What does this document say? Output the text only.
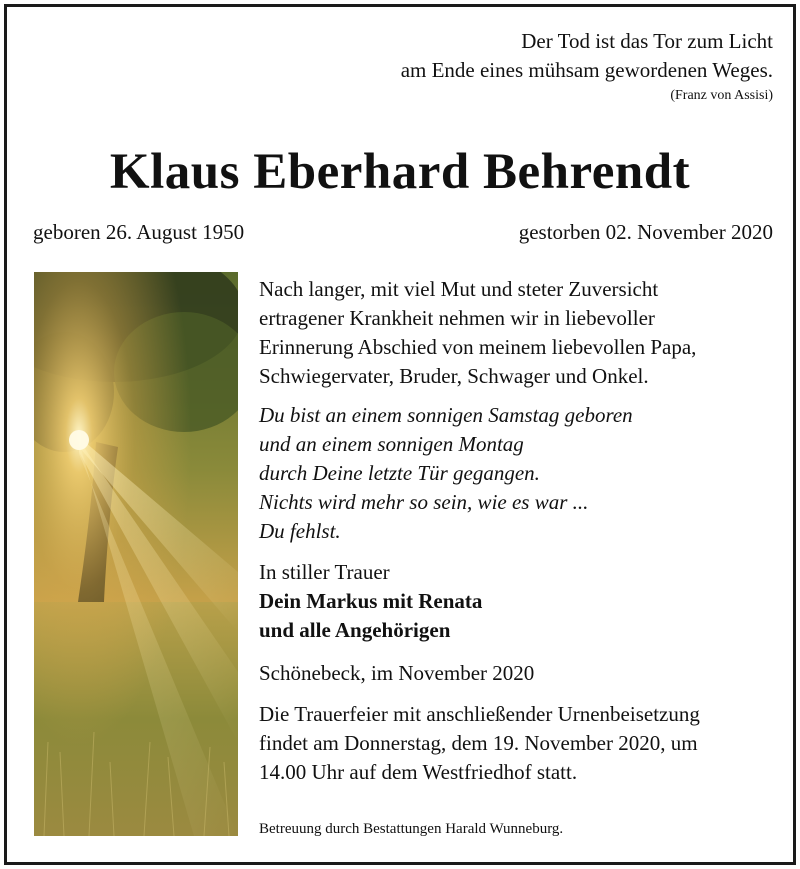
Der Tod ist das Tor zum Licht
am Ende eines mühsam gewordenen Weges.
(Franz von Assisi)
Klaus Eberhard Behrendt
geboren 26. August 1950	gestorben 02. November 2020
Nach langer, mit viel Mut und steter Zuversicht
ertragener Krankheit nehmen wir in liebevoller
Erinnerung Abschied von meinem liebevollen Papa,
Schwiegervater, Bruder, Schwager und Onkel.
Du bist an einem sonnigen Samstag geboren
und an einem sonnigen Montag
durch Deine letzte Tür gegangen.
Nichts wird mehr so sein, wie es war ...
Du fehlst.
In stiller Trauer
Dein Markus mit Renata
und alle Angehörigen
Schönebeck, im November 2020
Die Trauerfeier mit anschließender Urnenbeisetzung
findet am Donnerstag, dem 19. November 2020, um
14.00 Uhr auf dem Westfriedhof statt.
Betreuung durch Bestattungen Harald Wunneburg.
